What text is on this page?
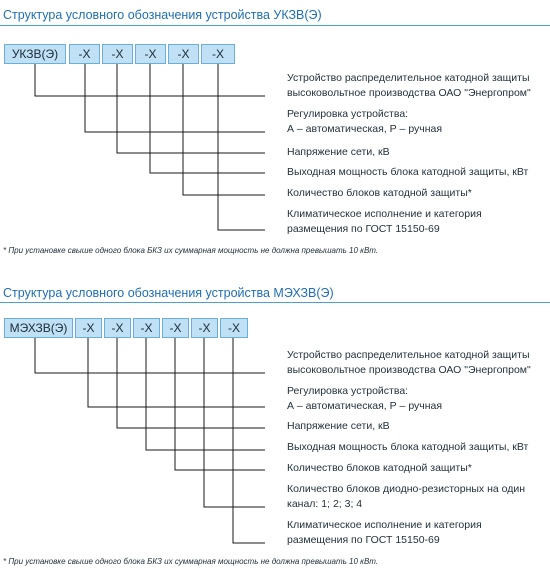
Структура условного обозначения устройства УКЗВ(Э)
УКЗВ(Э)	-X	-X	-X	-X	-X
Устройство распределительное катодной защиты
высоковольтное производства ОАО "Энергопром"
Регулировка устройства:
А – автоматическая, Р – ручная
Напряжение сети, кВ
Выходная мощность блока катодной защиты, кВт
Количество блоков катодной защиты*
Климатическое исполнение и категория
размещения по ГОСТ 15150-69

* При установке свыше одного блока БКЗ их суммарная мощность не должна превышать 10 кВт.

Структура условного обозначения устройства МЭХЗВ(Э)
МЭХЗВ(Э)	-X	-X	-X	-X	-X	-X
Устройство распределительное катодной защиты
высоковольтное производства ОАО "Энергопром"
Регулировка устройства:
А – автоматическая, Р – ручная
Напряжение сети, кВ
Выходная мощность блока катодной защиты, кВт
Количество блоков катодной защиты*
Количество блоков диодно-резисторных на один
канал: 1; 2; 3; 4
Климатическое исполнение и категория
размещения по ГОСТ 15150-69

* При установке свыше одного блока БКЗ их суммарная мощность не должна превышать 10 кВт.
